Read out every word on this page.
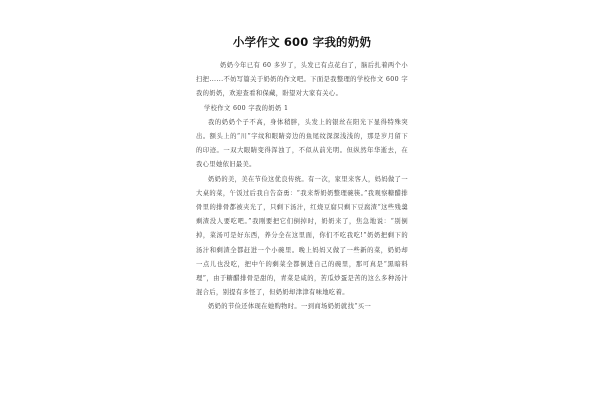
小学作文 600 字我的奶奶

奶奶今年已有 60 多岁了，头发已有点花白了，脑后扎着两个小扫把......不妨写篇关于奶奶的作文吧。下面是我整理的学校作文 600 字我的奶奶，欢迎查看和保藏，盼望对大家有关心。

学校作文 600 字我的奶奶 1

我的奶奶个子不高，身体稍胖，头发上的银丝在阳光下显得特殊突出。额头上的“川”字纹和眼睛旁边的鱼尾纹深深浅浅的，那是岁月留下的印迹。一双大眼睛变得浑浊了，不似从前光明。但纵然年华逝去，在我心里她依旧最美。

奶奶的美，美在节俭这优良传统。有一次，家里来客人，妈妈做了一大桌的菜，午饭过后我自告奋勇：“我来帮奶奶整理碗筷。”我观察糖醋排骨里的排骨都被夹光了，只剩下汤汁，红烧豆腐只剩下豆腐渣“这些残羹剩渣没人要吃吧。”我刚要把它们倒掉时，奶奶来了，焦急地说：“别倒掉，菜汤可是好东西，养分全在这里面，你们不吃我吃!”奶奶把剩下的汤汁和剩渣全都赶进一个小碗里。晚上妈妈又做了一些新的菜，奶奶却一点儿也没吃，把中午的剩菜全都倒进自己的碗里，那可真是“黑暗料理”，由于糖醋排骨是甜的，青菜是咸的，苦瓜炒蛋是苦的这么多种汤汁混合后，别提有多怪了，但奶奶却津津有味地吃着。

奶奶的节俭还体现在她购物时。一到商场奶奶就找“买一
